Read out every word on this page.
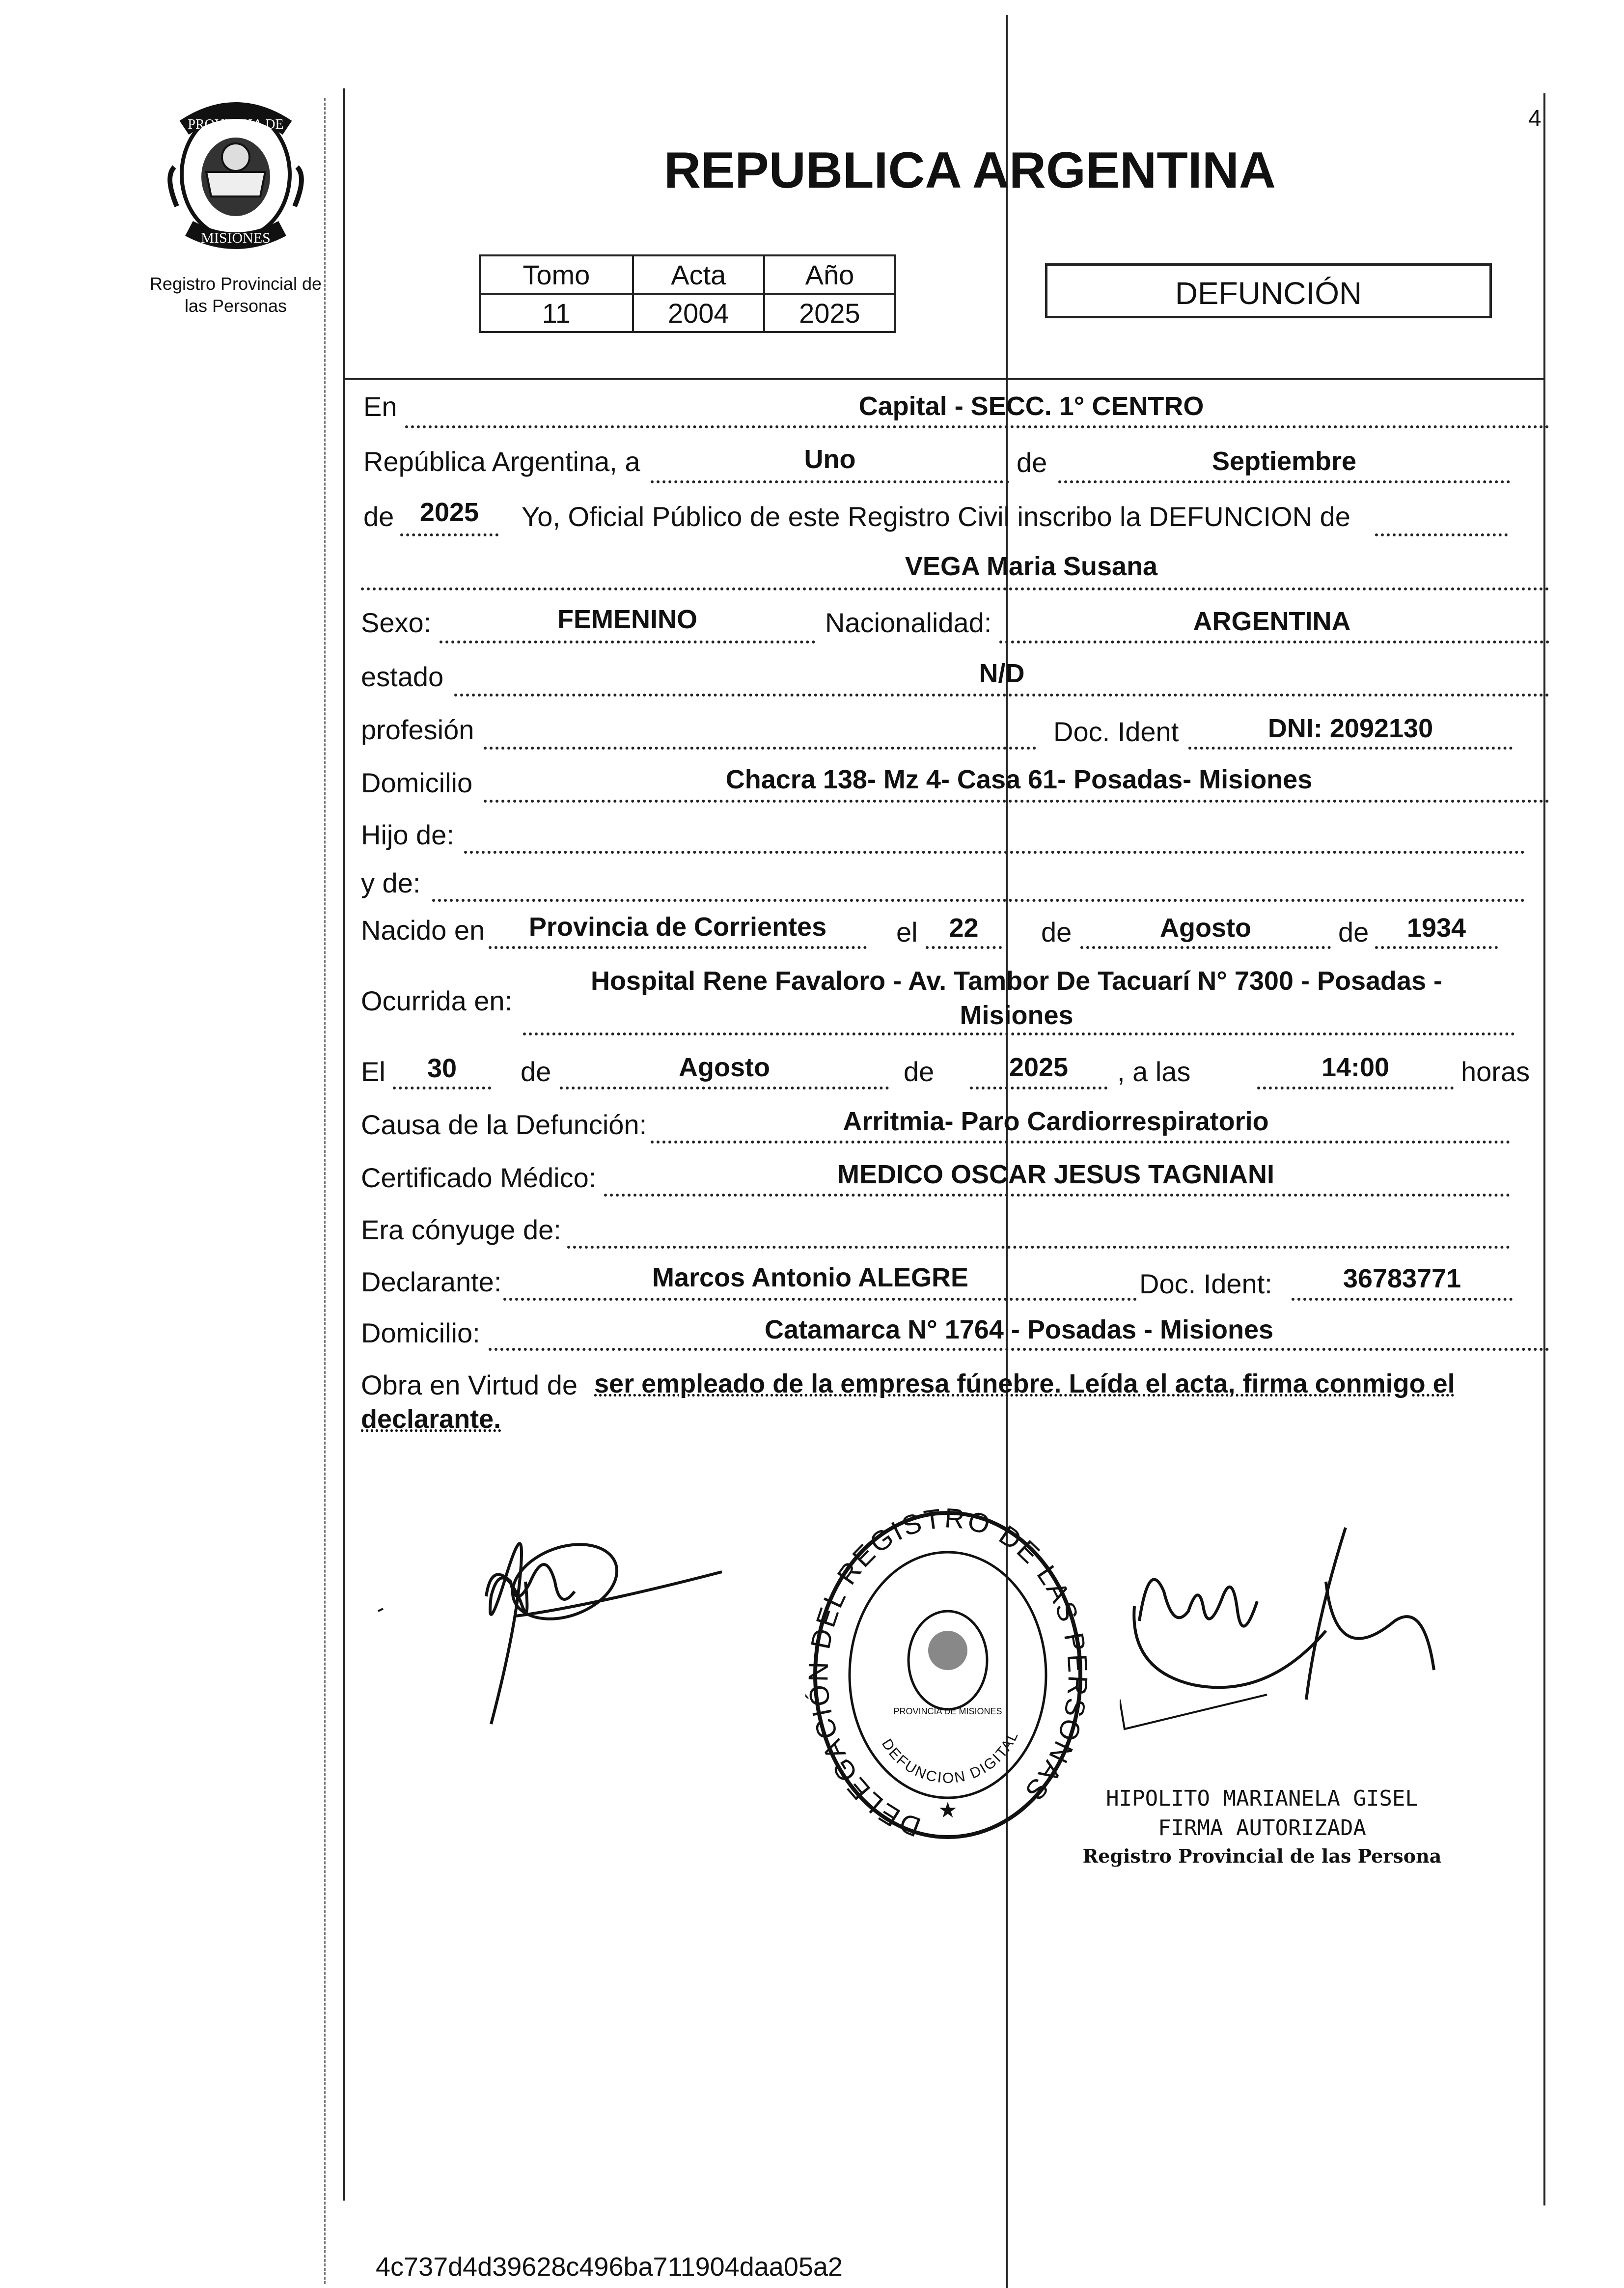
4
PROVINCIA DE
MISIONES
Registro Provincial de
las Personas
REPUBLICA ARGENTINA
Tomo	Acta	Año
11	2004	2025
DEFUNCIÓN
En	Capital - SECC. 1° CENTRO
República Argentina, a	Uno	de	Septiembre
de 2025	Yo, Oficial Público de este Registro Civil inscribo la DEFUNCION de
VEGA Maria Susana
Sexo:	FEMENINO	Nacionalidad:	ARGENTINA
estado	N/D
profesión	Doc. Ident	DNI: 2092130
Domicilio	Chacra 138- Mz 4- Casa 61- Posadas- Misiones
Hijo de:
y de:
Nacido en	Provincia de Corrientes	el	22	de	Agosto	de	1934
Ocurrida en:
Hospital Rene Favaloro - Av. Tambor De Tacuarí N° 7300 - Posadas -
Misiones
El	30	de	Agosto	de	2025	, a las	14:00	horas
Causa de la Defunción:	Arritmia- Paro Cardiorrespiratorio
Certificado Médico:	MEDICO OSCAR JESUS TAGNIANI
Era cónyuge de:
Declarante:	Marcos Antonio ALEGRE	Doc. Ident:	36783771
Domicilio:	Catamarca N° 1764 - Posadas - Misiones
Obra en Virtud de ser empleado de la empresa fúnebre. Leída el acta, firma conmigo el
declarante.
DELEGACIÓN DEL REGISTRO DE LAS P SONAS
DEFUNCION DIGITAL
PROVINCIA DE MISIONES
★	HIPOLITO MARIANELA GISEL
FIRMA AUTORIZADA
Registro Provincial de las Persona
4c737d4d39628c496ba711904daa05a2
